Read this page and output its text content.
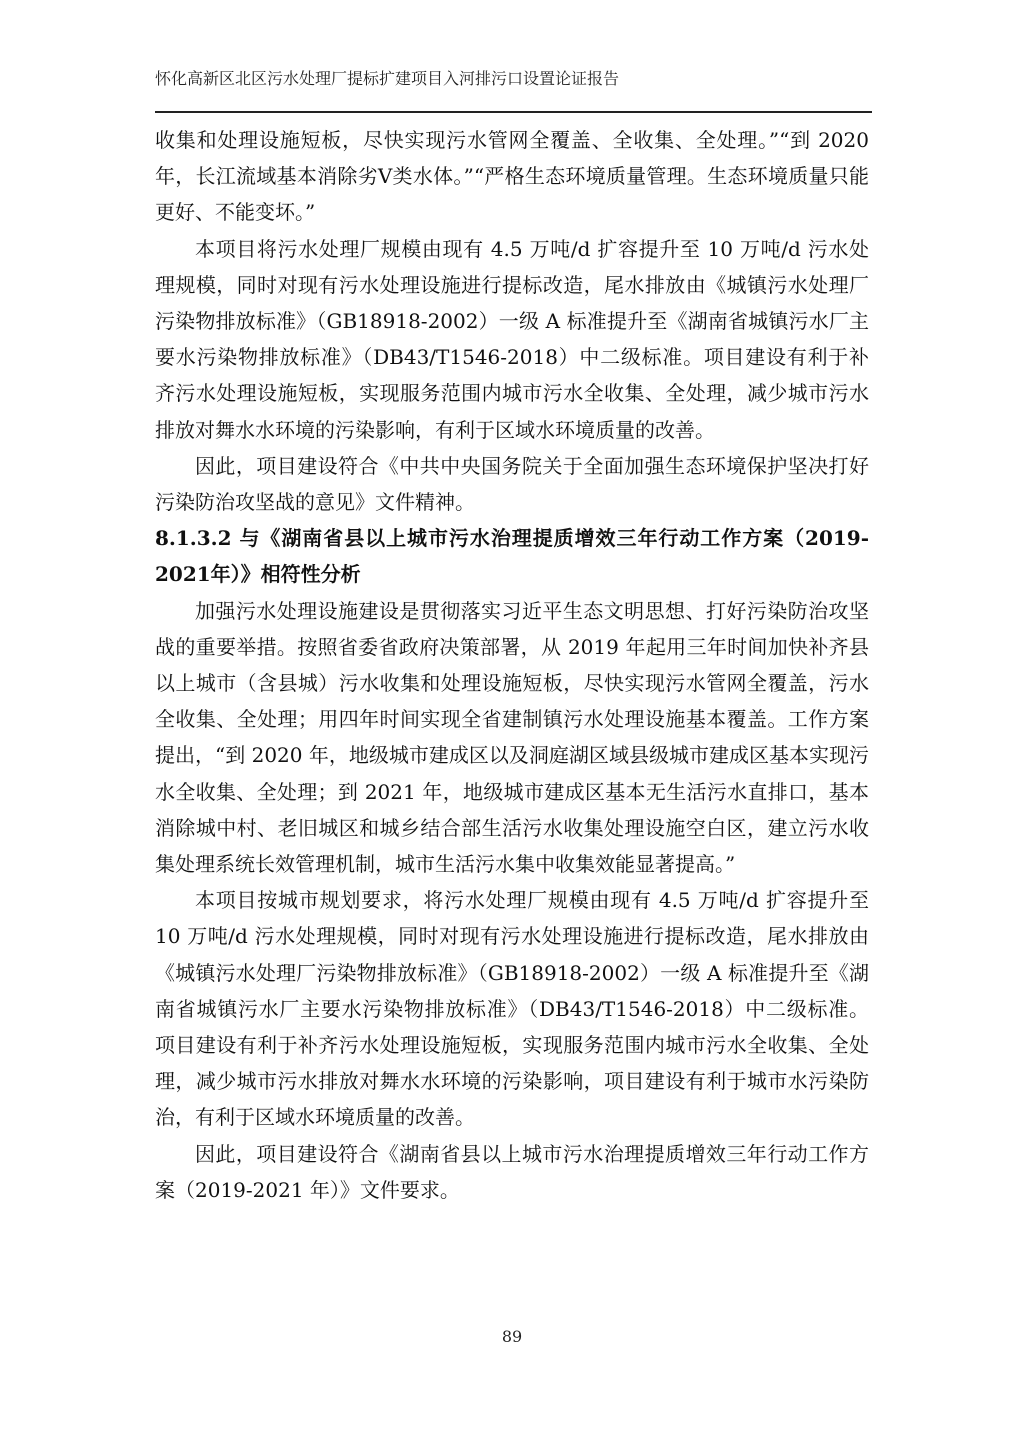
怀化高新区北区污水处理厂提标扩建项目入河排污口设置论证报告

收集和处理设施短板，尽快实现污水管网全覆盖、全收集、全处理。”“到 2020年，长江流域基本消除劣Ⅴ类水体。”“严格生态环境质量管理。生态环境质量只能更好、不能变坏。”

本项目将污水处理厂规模由现有 4.5 万吨/d 扩容提升至 10 万吨/d 污水处理规模，同时对现有污水处理设施进行提标改造，尾水排放由《城镇污水处理厂污染物排放标准》（GB18918-2002）一级 A 标准提升至《湖南省城镇污水厂主要水污染物排放标准》（DB43/T1546-2018）中二级标准。项目建设有利于补齐污水处理设施短板，实现服务范围内城市污水全收集、全处理，减少城市污水排放对舞水水环境的污染影响，有利于区域水环境质量的改善。

因此，项目建设符合《中共中央国务院关于全面加强生态环境保护坚决打好污染防治攻坚战的意见》文件精神。

8.1.3.2 与《湖南省县以上城市污水治理提质增效三年行动工作方案（2019-2021年）》相符性分析

加强污水处理设施建设是贯彻落实习近平生态文明思想、打好污染防治攻坚战的重要举措。按照省委省政府决策部署，从 2019 年起用三年时间加快补齐县以上城市（含县城）污水收集和处理设施短板，尽快实现污水管网全覆盖，污水全收集、全处理；用四年时间实现全省建制镇污水处理设施基本覆盖。工作方案提出，“到 2020 年，地级城市建成区以及洞庭湖区域县级城市建成区基本实现污水全收集、全处理；到 2021 年，地级城市建成区基本无生活污水直排口，基本消除城中村、老旧城区和城乡结合部生活污水收集处理设施空白区，建立污水收集处理系统长效管理机制，城市生活污水集中收集效能显著提高。”

本项目按城市规划要求，将污水处理厂规模由现有 4.5 万吨/d 扩容提升至 10 万吨/d 污水处理规模，同时对现有污水处理设施进行提标改造，尾水排放由《城镇污水处理厂污染物排放标准》（GB18918-2002）一级 A 标准提升至《湖南省城镇污水厂主要水污染物排放标准》（DB43/T1546-2018）中二级标准。项目建设有利于补齐污水处理设施短板，实现服务范围内城市污水全收集、全处理，减少城市污水排放对舞水水环境的污染影响，项目建设有利于城市水污染防治，有利于区域水环境质量的改善。

因此，项目建设符合《湖南省县以上城市污水治理提质增效三年行动工作方案（2019-2021 年）》文件要求。

89
